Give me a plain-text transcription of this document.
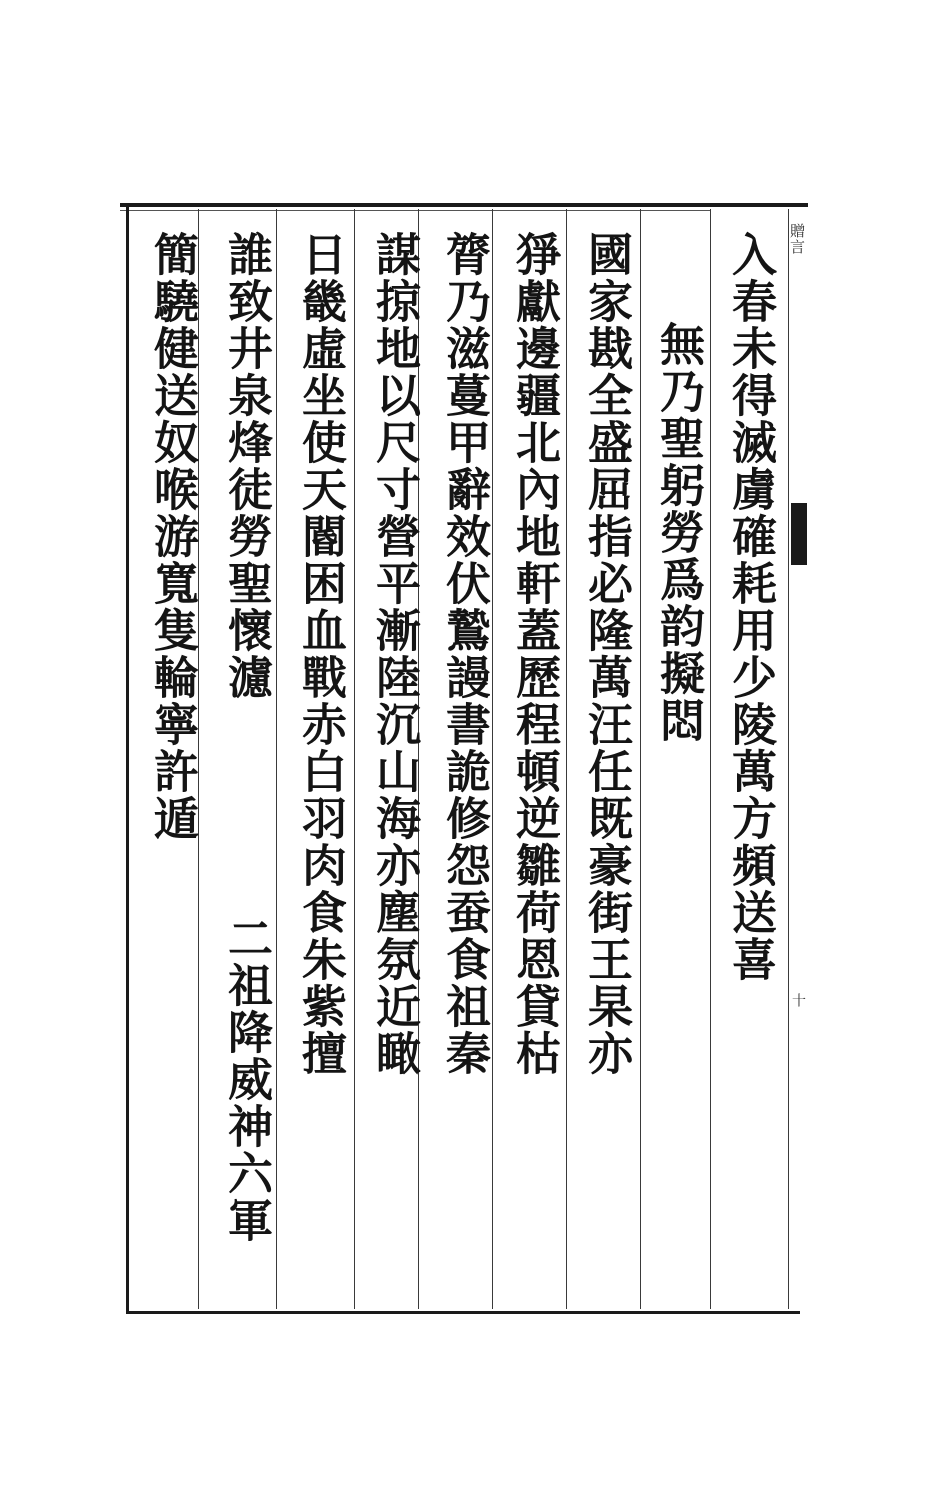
贈言
十
入春未得滅虜確耗用少陵萬方頻送喜
無乃聖躬勞爲韵擬悶
國家戡全盛屈指必隆萬汪任既豪街王杲亦
猙獻邊疆北內地軒蓋歷程頓逆雛荷恩貸枯
膂乃滋蔓甲辭效伏鷙謾書詭修怨蚕食祖秦
謀掠地以尺寸營平漸陸沉山海亦塵氛近瞰
日畿虛坐使天閽困血戰赤白羽肉食朱紫擅
誰致井泉烽徒勞聖懷濾
二祖降威神六軍
簡驍健送奴喉游寬隻輪寧許遁
